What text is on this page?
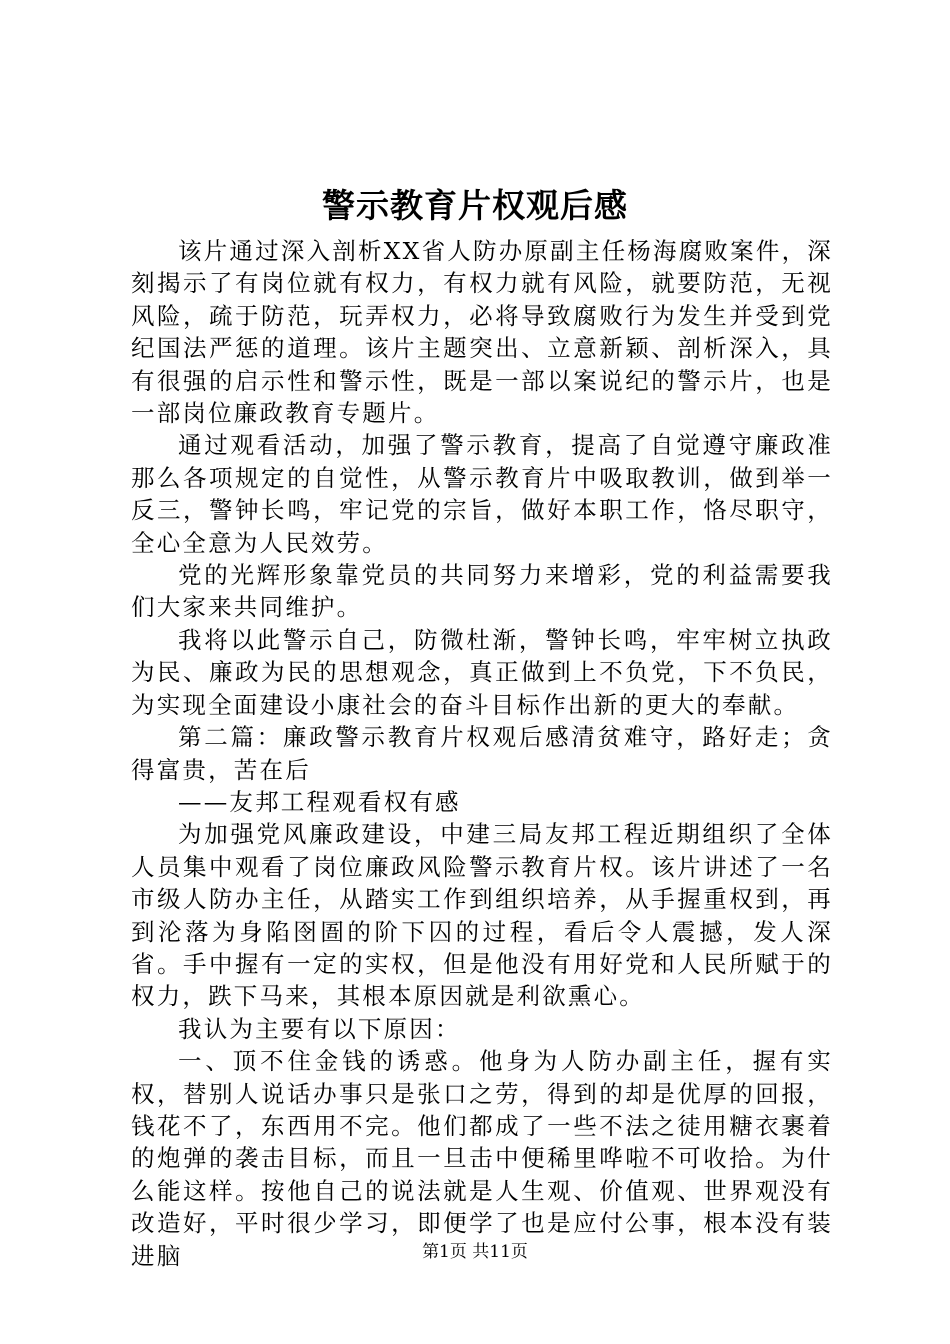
警示教育片权观后感

该片通过深入剖析XX省人防办原副主任杨海腐败案件，深刻揭示了有岗位就有权力，有权力就有风险，就要防范，无视风险，疏于防范，玩弄权力，必将导致腐败行为发生并受到党纪国法严惩的道理。该片主题突出、立意新颖、剖析深入，具有很强的启示性和警示性，既是一部以案说纪的警示片，也是一部岗位廉政教育专题片。

通过观看活动，加强了警示教育，提高了自觉遵守廉政准那么各项规定的自觉性，从警示教育片中吸取教训，做到举一反三，警钟长鸣，牢记党的宗旨，做好本职工作，恪尽职守，全心全意为人民效劳。

党的光辉形象靠党员的共同努力来增彩，党的利益需要我们大家来共同维护。

我将以此警示自己，防微杜渐，警钟长鸣，牢牢树立执政为民、廉政为民的思想观念，真正做到上不负党，下不负民，为实现全面建设小康社会的奋斗目标作出新的更大的奉献。

第二篇：廉政警示教育片权观后感清贫难守，路好走；贪得富贵，苦在后

——友邦工程观看权有感

为加强党风廉政建设，中建三局友邦工程近期组织了全体人员集中观看了岗位廉政风险警示教育片权。该片讲述了一名市级人防办主任，从踏实工作到组织培养，从手握重权到，再到沦落为身陷囹圄的阶下囚的过程，看后令人震撼，发人深省。手中握有一定的实权，但是他没有用好党和人民所赋于的权力，跌下马来，其根本原因就是利欲熏心。

我认为主要有以下原因：

一、顶不住金钱的诱惑。他身为人防办副主任，握有实权，替别人说话办事只是张口之劳，得到的却是优厚的回报，钱花不了，东西用不完。他们都成了一些不法之徒用糖衣裹着的炮弹的袭击目标，而且一旦击中便稀里哗啦不可收拾。为什么能这样。按他自己的说法就是人生观、价值观、世界观没有改造好，平时很少学习，即便学了也是应付公事，根本没有装进脑	第1页 共11页
